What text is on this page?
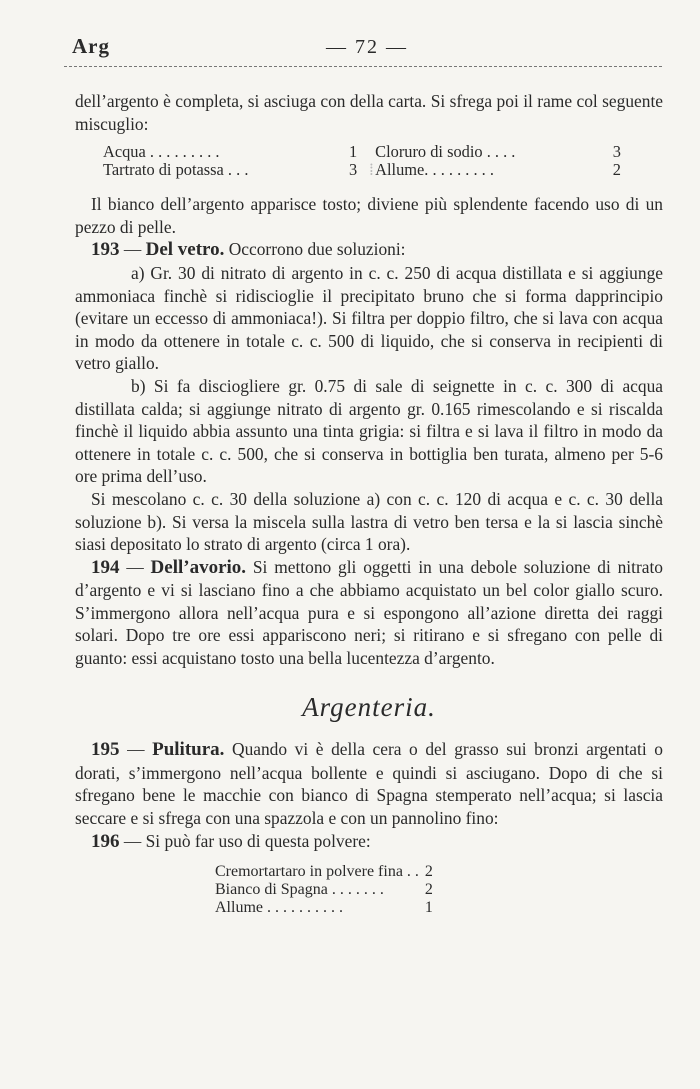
Arg	— 72 —

dell’argento è completa, si asciuga con della carta. Si sfrega poi il rame col seguente miscuglio:

Acqua . . . . . . . . .	1		Cloruro di sodio . . . .	3
Tartrato di potassa . . .	3	⁞	Allume. . . . . . . . .	2

Il bianco dell’argento apparisce tosto; diviene più splendente facendo uso di un pezzo di pelle.

193 — Del vetro. Occorrono due soluzioni:

a) Gr. 30 di nitrato di argento in c. c. 250 di acqua distillata e si aggiunge ammoniaca finchè si ridiscioglie il precipitato bruno che si forma dapprincipio (evitare un eccesso di ammoniaca!). Si filtra per doppio filtro, che si lava con acqua in modo da ottenere in totale c. c. 500 di liquido, che si conserva in recipienti di vetro giallo.

b) Si fa disciogliere gr. 0.75 di sale di seignette in c. c. 300 di acqua distillata calda; si aggiunge nitrato di argento gr. 0.165 rimescolando e si riscalda finchè il liquido abbia assunto una tinta grigia: si filtra e si lava il filtro in modo da ottenere in totale c. c. 500, che si conserva in bottiglia ben turata, almeno per 5-6 ore prima dell’uso.

Si mescolano c. c. 30 della soluzione a) con c. c. 120 di acqua e c. c. 30 della soluzione b). Si versa la miscela sulla lastra di vetro ben tersa e la si lascia sinchè siasi depositato lo strato di argento (circa 1 ora).

194 — Dell’avorio. Si mettono gli oggetti in una debole soluzione di nitrato d’argento e vi si lasciano fino a che abbiamo acquistato un bel color giallo scuro. S’immergono allora nell’acqua pura e si espongono all’azione diretta dei raggi solari. Dopo tre ore essi appariscono neri; si ritirano e si sfregano con pelle di guanto: essi acquistano tosto una bella lucentezza d’argento.

Argenteria.

195 — Pulitura. Quando vi è della cera o del grasso sui bronzi argentati o dorati, s’immergono nell’acqua bollente e quindi si asciugano. Dopo di che si sfregano bene le macchie con bianco di Spagna stemperato nell’acqua; si lascia seccare e si sfrega con una spazzola e con un pannolino fino:

196 — Si può far uso di questa polvere:

Cremortartaro in polvere fina . .	2
Bianco di Spagna . . . . . . .	2
Allume . . . . . . . . . .	1
